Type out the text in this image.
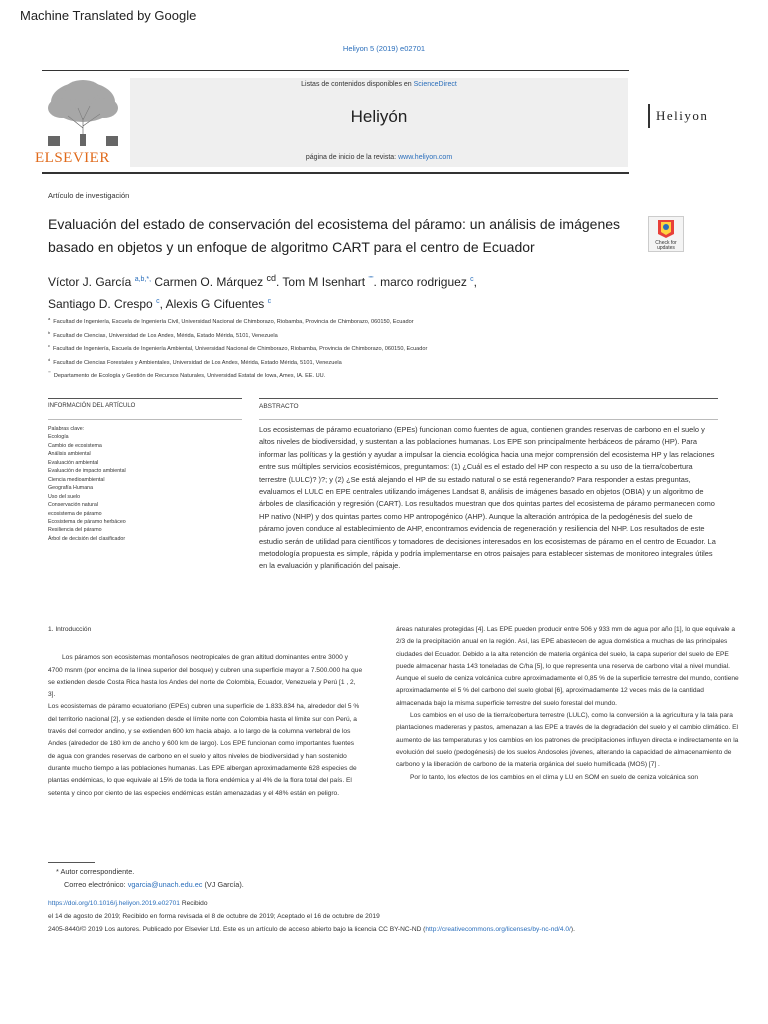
Machine Translated by Google
Heliyon 5 (2019) e02701
ELSEVIER
Listas de contenidos disponibles en ScienceDirect
Heliyón
página de inicio de la revista: www.heliyon.com
Heliyon
Artículo de investigación
Evaluación del estado de conservación del ecosistema del páramo: un análisis de imágenes basado en objetos y un enfoque de algoritmo CART para el centro de Ecuador	Check for
updates
Víctor J. García $^{a,b,*,}$ Carmen O. Márquez $^{cd}$. Tom M Isenhart "". marco rodriguez $^c$,
Santiago D. Crespo $^c$, Alexis G Cifuentes $^c$
$^a$Facultad de Ingeniería, Escuela de Ingeniería Civil, Universidad Nacional de Chimborazo, Riobamba, Provincia de Chimborazo, 060150, Ecuador
$^b$Facultad de Ciencias, Universidad de Los Andes, Mérida, Estado Mérida, 5101, Venezuela
$^c$Facultad de Ingeniería, Escuela de Ingeniería Ambiental, Universidad Nacional de Chimborazo, Riobamba, Provincia de Chimborazo, 060150, Ecuador
$^d$Facultad de Ciencias Forestales y Ambientales, Universidad de Los Andes, Mérida, Estado Mérida, 5101, Venezuela
""Departamento de Ecología y Gestión de Recursos Naturales, Universidad Estatal de Iowa, Ames, IA. EE. UU.
INFORMACIÓN DEL ARTÍCULO	ABSTRACTO
Palabras clave:
Ecología
Cambio de ecosistema
Análisis ambiental
Evaluación ambiental
Evaluación de impacto ambiental
Ciencia medioambiental
Geografía Humana
Uso del suelo
Conservación natural
ecosistema de páramo
Ecosistema de páramo herbáceo
Resiliencia del páramo
Árbol de decisión del clasificador
Los ecosistemas de páramo ecuatoriano (EPEs) funcionan como fuentes de agua, contienen grandes reservas de carbono en el suelo y altos niveles de biodiversidad, y sustentan a las poblaciones humanas. Los EPE son principalmente herbáceos de páramo (HP). Para informar las políticas y la gestión y ayudar a impulsar la ciencia ecológica hacia una mejor comprensión del ecosistema HP y las relaciones entre sus múltiples servicios ecosistémicos, preguntamos: (1) ¿Cuál es el estado del HP con respecto a su uso de la tierra/cobertura terrestre (LULC)? )?; y (2) ¿Se está alejando el HP de su estado natural o se está regenerando? Para responder a estas preguntas, evaluamos el LULC en EPE centrales utilizando imágenes Landsat 8, análisis de imágenes basado en objetos (OBIA) y un algoritmo de árboles de clasificación y regresión (CART). Los resultados muestran que dos quintas partes del ecosistema de páramo permanecen como HP nativo (NHP) y dos quintas partes como HP antropogénico (AHP). Aunque la alteración antrópica de la pedogénesis del suelo de páramo joven conduce al establecimiento de AHP, encontramos evidencia de regeneración y resiliencia del NHP. Los resultados de este estudio serán de utilidad para científicos y tomadores de decisiones interesados en los ecosistemas de páramo en el centro de Ecuador. La metodología propuesta es simple, rápida y podría implementarse en otros paisajes para establecer sistemas de monitoreo integrales útiles en la evaluación y planificación del paisaje.

1. Introducción

Los páramos son ecosistemas montañosos neotropicales de gran altitud dominantes entre 3000 y 4700 msnm (por encima de la línea superior del bosque) y cubren una superficie mayor a 7.500.000 ha que se extienden desde Costa Rica hasta los Andes del norte de Colombia, Ecuador, Venezuela y Perú [1 , 2, 3].

Los ecosistemas de páramo ecuatoriano (EPEs) cubren una superficie de 1.833.834 ha, alrededor del 5 % del territorio nacional [2], y se extienden desde el límite norte con Colombia hasta el límite sur con Perú, a través del corredor andino, y se extienden 600 km hacia abajo. a lo largo de la columna vertebral de los Andes (alrededor de 180 km de ancho y 600 km de largo). Los EPE funcionan como importantes fuentes de agua con grandes reservas de carbono en el suelo y altos niveles de biodiversidad y han sostenido durante mucho tiempo a las poblaciones humanas. Las EPE albergan aproximadamente 628 especies de plantas endémicas, lo que equivale al 15% de toda la flora endémica y al 4% de la flora total del país. El setenta y cinco por ciento de las especies endémicas están amenazadas y el 48% están en peligro.

áreas naturales protegidas [4]. Las EPE pueden producir entre 506 y 933 mm de agua por año [1], lo que equivale a 2/3 de la precipitación anual en la región. Así, las EPE abastecen de agua doméstica a muchas de las principales ciudades del Ecuador. Debido a la alta retención de materia orgánica del suelo, la capa superior del suelo de EPE puede almacenar hasta 143 toneladas de C/ha [5], lo que representa una reserva de carbono vital a nivel mundial. Aunque el suelo de ceniza volcánica cubre aproximadamente el 0,85 % de la superficie terrestre del mundo, contiene aproximadamente el 5 % del carbono del suelo global [6], aproximadamente 12 veces más de la cantidad almacenada bajo la misma superficie terrestre del suelo forestal del mundo.

Los cambios en el uso de la tierra/cobertura terrestre (LULC), como la conversión a la agricultura y la tala para plantaciones madereras y pastos, amenazan a las EPE a través de la degradación del suelo y el cambio climático. El aumento de las temperaturas y los cambios en los patrones de precipitaciones influyen directa e indirectamente en la evolución del suelo (pedogénesis) de los suelos Andosoles jóvenes, alterando la capacidad de almacenamiento de carbono y la liberación de carbono de la materia orgánica del suelo humificada (MOS) [7] .

Por lo tanto, los efectos de los cambios en el clima y LU en SOM en suelo de ceniza volcánica son

* Autor correspondiente.
Correo electrónico: vgarcia@unach.edu.ec (VJ García).
https://doi.org/10.1016/j.heliyon.2019.e02701 Recibido
el 14 de agosto de 2019; Recibido en forma revisada el 8 de octubre de 2019; Aceptado el 16 de octubre de 2019
2405-8440/© 2019 Los autores. Publicado por Elsevier Ltd. Este es un artículo de acceso abierto bajo la licencia CC BY-NC-ND (http://creativecommons.org/licenses/by-nc-nd/4.0/).
